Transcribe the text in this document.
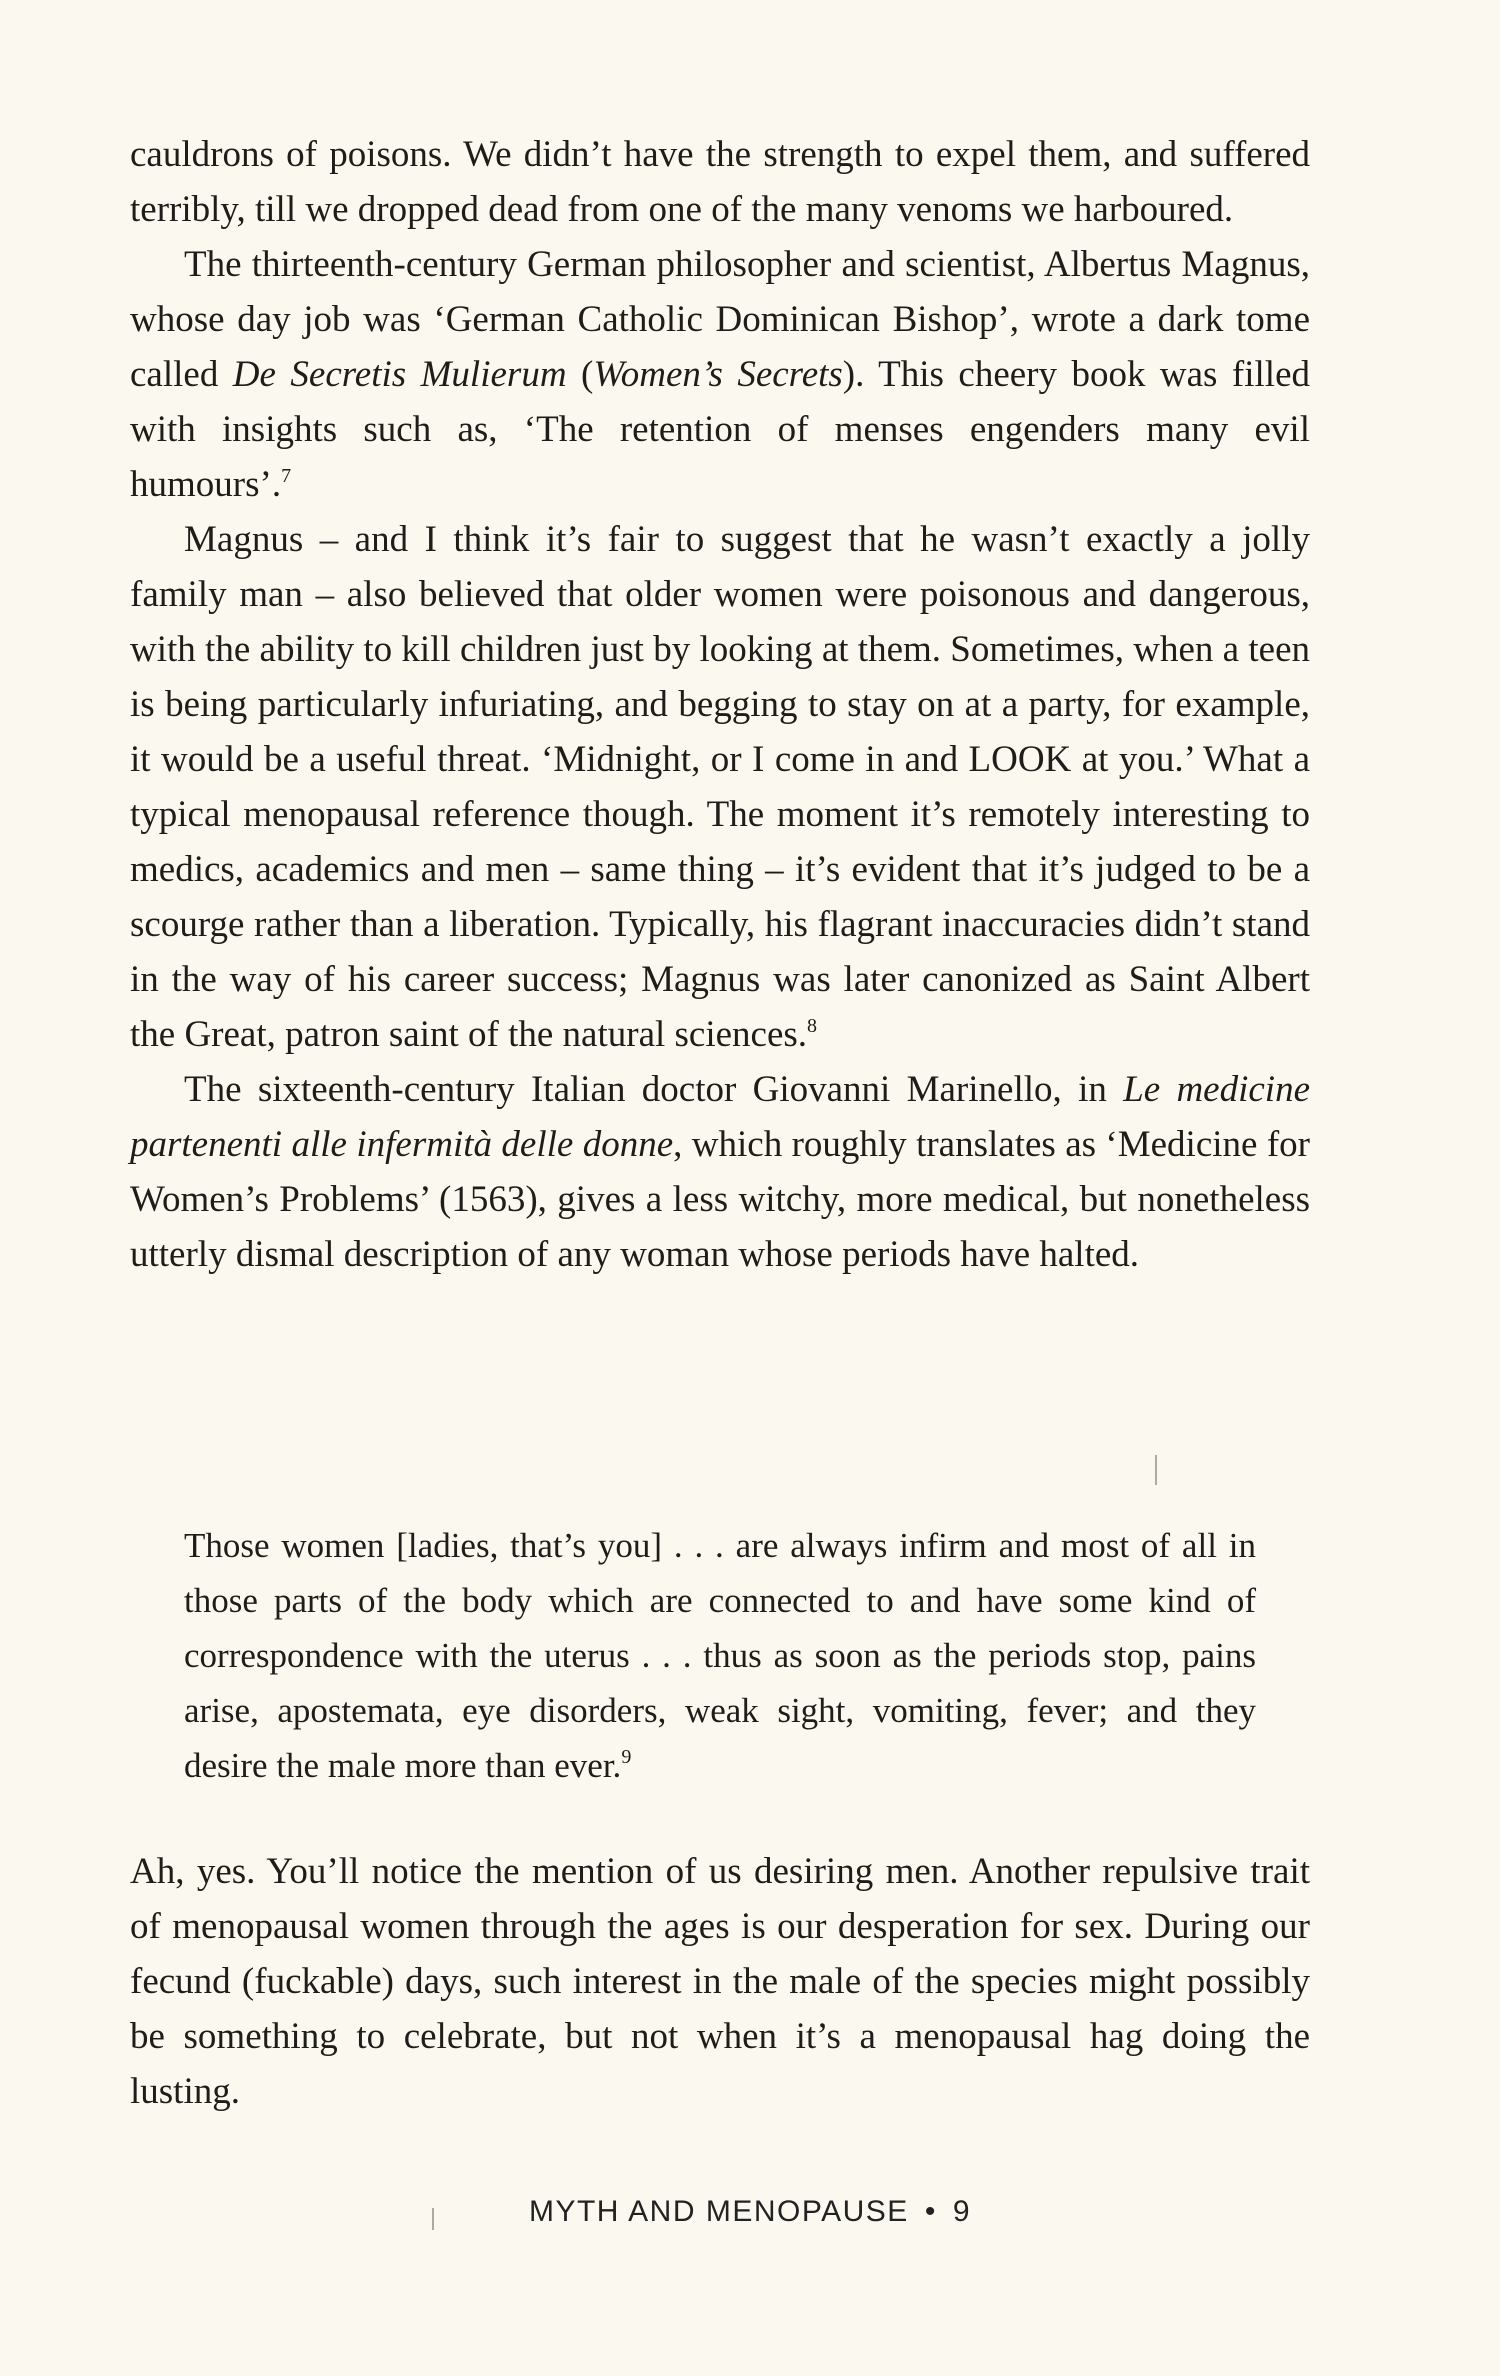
cauldrons of poisons. We didn’t have the strength to expel them, and suffered terribly, till we dropped dead from one of the many venoms we harboured.

The thirteenth-century German philosopher and scientist, Albertus Magnus, whose day job was ‘German Catholic Dominican Bishop’, wrote a dark tome called De Secretis Mulierum (Women’s Secrets). This cheery book was filled with insights such as, ‘The retention of menses engenders many evil humours’.$^7$

Magnus – and I think it’s fair to suggest that he wasn’t exactly a jolly family man – also believed that older women were poisonous and dangerous, with the ability to kill children just by looking at them. Sometimes, when a teen is being particularly infuriating, and begging to stay on at a party, for example, it would be a useful threat. ‘Midnight, or I come in and LOOK at you.’ What a typical menopausal reference though. The moment it’s remotely interesting to medics, academics and men – same thing – it’s evident that it’s judged to be a scourge rather than a liberation. Typically, his flagrant inaccuracies didn’t stand in the way of his career success; Magnus was later canonized as Saint Albert the Great, patron saint of the natural sciences.$^8$

The sixteenth-century Italian doctor Giovanni Marinello, in Le medicine partenenti alle infermità delle donne, which roughly translates as ‘Medicine for Women’s Problems’ (1563), gives a less witchy, more medical, but nonetheless utterly dismal description of any woman whose periods have halted.

Those women [ladies, that’s you] . . . are always infirm and most of all in those parts of the body which are connected to and have some kind of correspondence with the uterus . . . thus as soon as the periods stop, pains arise, apostemata, eye disorders, weak sight, vomiting, fever; and they desire the male more than ever.$^9$

Ah, yes. You’ll notice the mention of us desiring men. Another repulsive trait of menopausal women through the ages is our desperation for sex. During our fecund (fuckable) days, such interest in the male of the species might possibly be something to celebrate, but not when it’s a menopausal hag doing the lusting.

MYTH AND MENOPAUSE • 9
